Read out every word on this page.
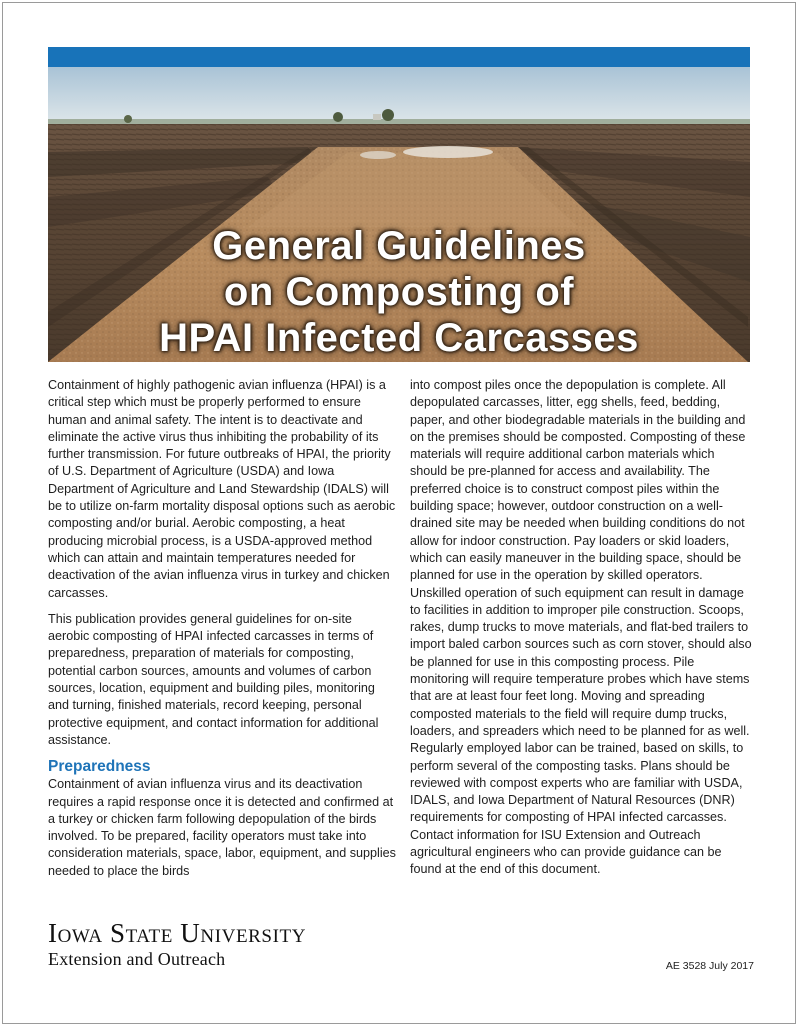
General Guidelines
on Composting of
HPAI Infected Carcasses

Containment of highly pathogenic avian influenza (HPAI) is a critical step which must be properly performed to ensure human and animal safety. The intent is to deactivate and eliminate the active virus thus inhibiting the probability of its further transmission. For future outbreaks of HPAI, the priority of U.S. Department of Agriculture (USDA) and Iowa Department of Agriculture and Land Stewardship (IDALS) will be to utilize on-farm mortality disposal options such as aerobic composting and/or burial. Aerobic composting, a heat producing microbial process, is a USDA-approved method which can attain and maintain temperatures needed for deactivation of the avian influenza virus in turkey and chicken carcasses.

This publication provides general guidelines for on-site aerobic composting of HPAI infected carcasses in terms of preparedness, preparation of materials for composting, potential carbon sources, amounts and volumes of carbon sources, location, equipment and building piles, monitoring and turning, finished materials, record keeping, personal protective equipment, and contact information for additional assistance.

Preparedness

Containment of avian influenza virus and its deactivation requires a rapid response once it is detected and confirmed at a turkey or chicken farm following depopulation of the birds involved. To be prepared, facility operators must take into consideration materials, space, labor, equipment, and supplies needed to place the birds

into compost piles once the depopulation is complete. All depopulated carcasses, litter, egg shells, feed, bedding, paper, and other biodegradable materials in the building and on the premises should be composted. Composting of these materials will require additional carbon materials which should be pre-planned for access and availability. The preferred choice is to construct compost piles within the building space; however, outdoor construction on a well-drained site may be needed when building conditions do not allow for indoor construction. Pay loaders or skid loaders, which can easily maneuver in the building space, should be planned for use in the operation by skilled operators. Unskilled operation of such equipment can result in damage to facilities in addition to improper pile construction. Scoops, rakes, dump trucks to move materials, and flat-bed trailers to import baled carbon sources such as corn stover, should also be planned for use in this composting process. Pile monitoring will require temperature probes which have stems that are at least four feet long. Moving and spreading composted materials to the field will require dump trucks, loaders, and spreaders which need to be planned for as well. Regularly employed labor can be trained, based on skills, to perform several of the composting tasks. Plans should be reviewed with compost experts who are familiar with USDA, IDALS, and Iowa Department of Natural Resources (DNR) requirements for composting of HPAI infected carcasses. Contact information for ISU Extension and Outreach agricultural engineers who can provide guidance can be found at the end of this document.

Iowa State University
Extension and Outreach	AE 3528 July 2017
